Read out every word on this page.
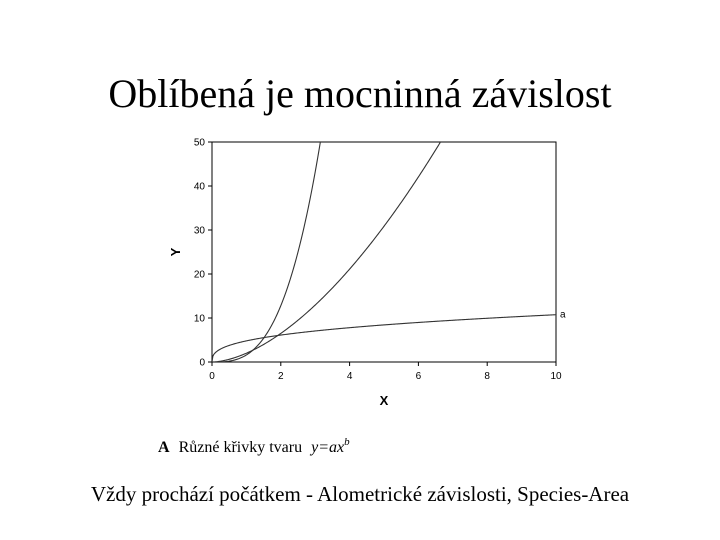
Oblíbená je mocninná závislost
0
10
20
30
40
50
0	2	4	6	8	10
a
Y
X
A Různé křivky tvaru $y=ax^b$
Vždy prochází počátkem - Alometrické závislosti, Species-Area
